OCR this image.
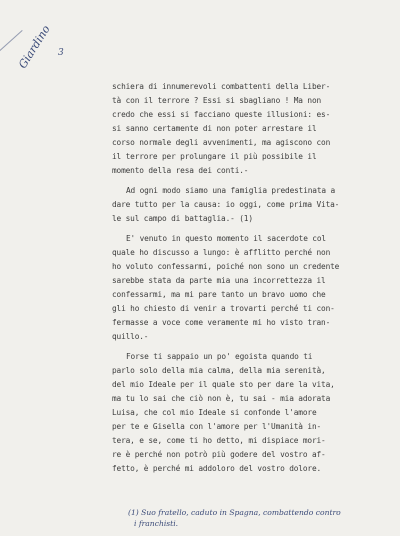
Giardino 3
schiera di innumerevoli combattenti della Liber-
tà con il terrore ? Essi si sbagliano ! Ma non
credo che essi si facciano queste illusioni: es-
si sanno certamente di non poter arrestare il
corso normale degli avvenimenti, ma agiscono con
il terrore per prolungare il più possibile il
momento della resa dei conti.-
Ad ogni modo siamo una famiglia predestinata a
dare tutto per la causa: io oggi, come prima Vita-
le sul campo di battaglia.- (1)
E' venuto in questo momento il sacerdote col
quale ho discusso a lungo: è afflitto perché non
ho voluto confessarmi, poiché non sono un credente
sarebbe stata da parte mia una incorrettezza il
confessarmi, ma mi pare tanto un bravo uomo che
gli ho chiesto di venir a trovarti perché ti con-
fermasse a voce come veramente mi ho visto tran-
quillo.-
Forse ti sappaio un po' egoista quando ti
parlo solo della mia calma, della mia serenità,
del mio Ideale per il quale sto per dare la vita,
ma tu lo sai che ciò non è, tu sai - mia adorata
Luisa, che col mio Ideale si confonde l'amore
per te e Gisella con l'amore per l'Umanità in-
tera, e se, come ti ho detto, mi dispiace mori-
re è perché non potrò più godere del vostro af-
fetto, è perché mi addoloro del vostro dolore.
(1) Suo fratello, caduto in Spagna, combattendo contro
i franchisti.
